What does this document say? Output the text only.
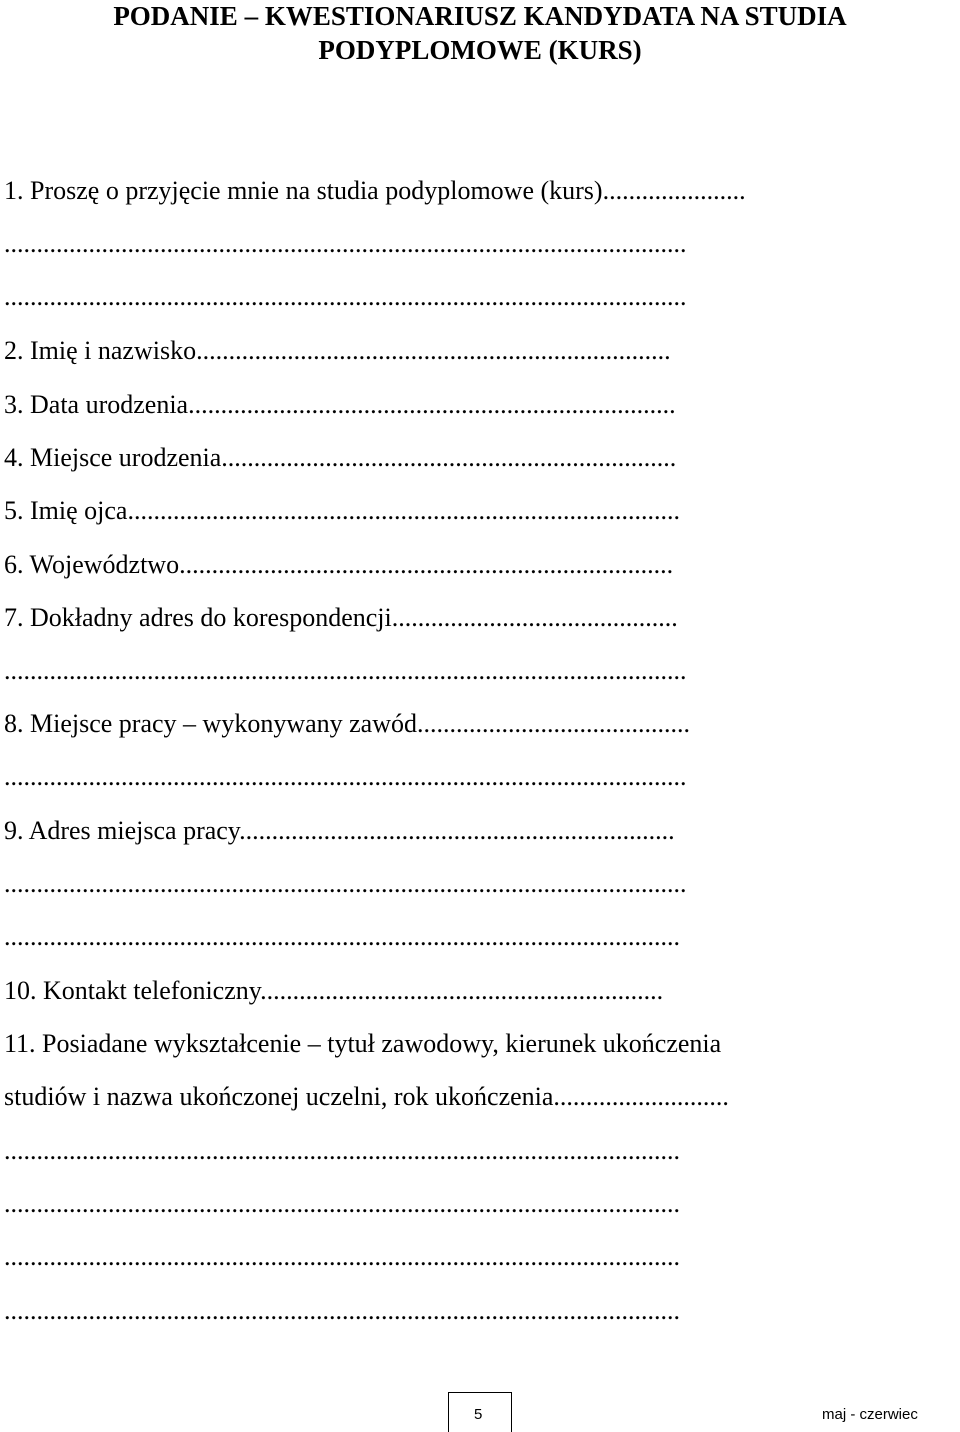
PODANIE – KWESTIONARIUSZ KANDYDATA NA STUDIA
PODYPLOMOWE (KURS)

1. Proszę o przyjęcie mnie na studia podyplomowe (kurs)......................

.........................................................................................................

.........................................................................................................

2. Imię i nazwisko.........................................................................

3. Data urodzenia...........................................................................

4. Miejsce urodzenia......................................................................

5. Imię ojca.....................................................................................

6. Województwo............................................................................

7. Dokładny adres do korespondencji............................................

.........................................................................................................

8. Miejsce pracy – wykonywany zawód..........................................

.........................................................................................................

9. Adres miejsca pracy...................................................................

.........................................................................................................

........................................................................................................

10. Kontakt telefoniczny..............................................................

11. Posiadane wykształcenie – tytuł zawodowy, kierunek ukończenia

studiów i nazwa ukończonej uczelni, rok ukończenia...........................

........................................................................................................

........................................................................................................

........................................................................................................

........................................................................................................

5	maj - czerwiec
